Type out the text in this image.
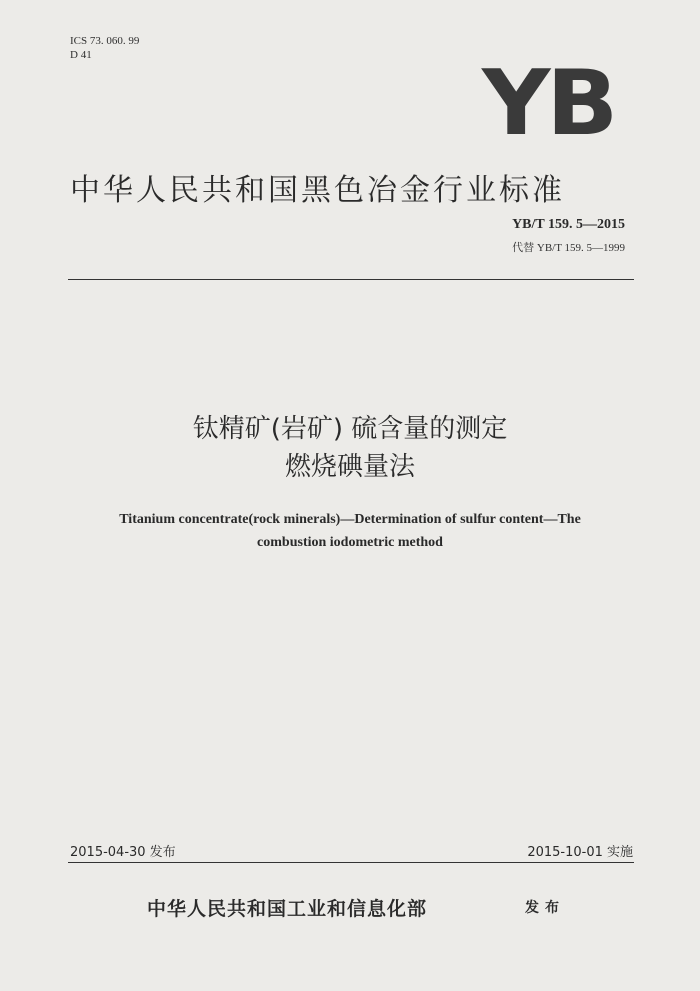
ICS 73. 060. 99
D 41	YB
中华人民共和国黑色冶金行业标准
YB/T 159. 5—2015
代替 YB/T 159. 5—1999
钛精矿(岩矿) 硫含量的测定
燃烧碘量法
Titanium concentrate(rock minerals)—Determination of sulfur content—The
combustion iodometric method
2015-04-30 发布	2015-10-01 实施
中华人民共和国工业和信息化部	发布
